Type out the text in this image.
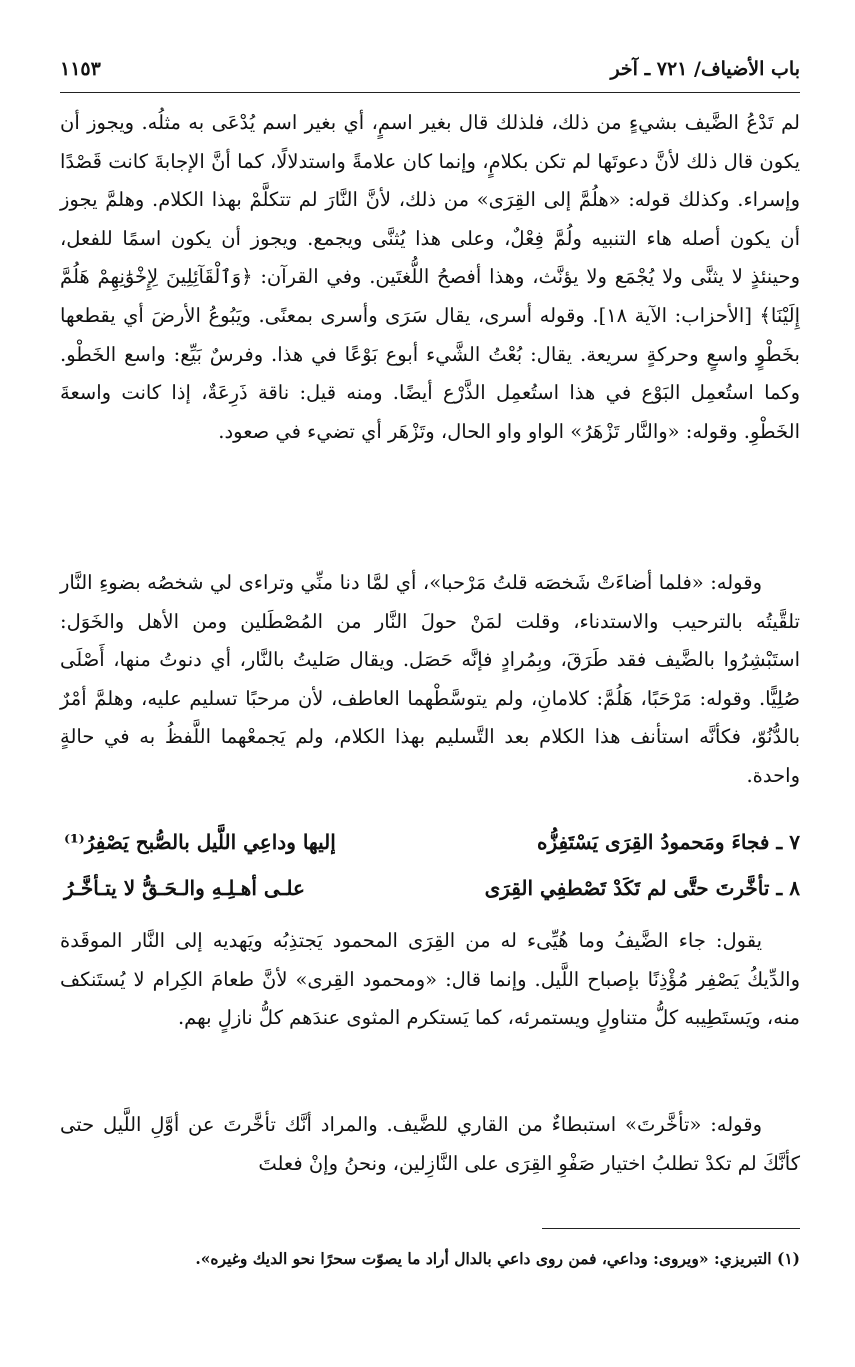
باب الأضياف/ ٧٢١ ـ آخر
١١٥٣

لم تَدْعُ الضَّيف بشيءٍ من ذلك، فلذلك قال بغير اسمٍ، أي بغير اسم يُدْعَى به مثلُه. ويجوز أن يكون قال ذلك لأنَّ دعوتَها لم تكن بكلامٍ، وإنما كان علامةً واستدلالًا، كما أنَّ الإجابةَ كانت قَصْدًا وإسراء. وكذلك قوله: «هلُمَّ إلى القِرَى» من ذلك، لأنَّ النَّارَ لم تتكلَّمْ بهذا الكلام. وهلمَّ يجوز أن يكون أصله هاء التنبيه ولُمَّ فِعْلٌ، وعلى هذا يُثنَّى ويجمع. ويجوز أن يكون اسمًا للفعل، وحينئذٍ لا يثنَّى ولا يُجْمَع ولا يؤنَّث، وهذا أفصحُ اللُّغتَين. وفي القرآن: ﴿وَٱلْقَآئِلِينَ لِإِخْوَٰنِهِمْ هَلُمَّ إِلَيْنَا﴾ [الأحزاب: الآية ١٨]. وقوله أسرى، يقال سَرَى وأسرى بمعنًى. ويَبُوعُ الأرضَ أي يقطعها بخَطْوٍ واسعٍ وحركةٍ سريعة. يقال: بُعْتُ الشَّيء أبوع بَوْعًا في هذا. وفرسٌ بَيِّع: واسع الخَطْو. وكما استُعمِل البَوْع في هذا استُعمِل الذَّرْع أيضًا. ومنه قيل: ناقة ذَرِعَةٌ، إذا كانت واسعةَ الخَطْوِ. وقوله: «والنَّار تَزْهَرُ» الواو واو الحال، وتَزْهَر أي تضيء في صعود.

وقوله: «فلما أضاءَتْ شَخصَه قلتُ مَرْحبا»، أي لمَّا دنا منِّي وتراءى لي شخصُه بضوءِ النَّار تلقَّيتُه بالترحيب والاستدناء، وقلت لمَنْ حولَ النَّار من المُصْطَلين ومن الأهل والخَوَل: استَبْشِرُوا بالضَّيف فقد طَرَقَ، وبِمُرادٍ فإنَّه حَصَل. ويقال صَليتُ بالنَّار، أي دنوتُ منها، أَصْلَى صُلِيًّا. وقوله: مَرْحَبًا، هَلُمَّ: كلامانِ، ولم يتوسَّطْهما العاطف، لأن مرحبًا تسليم عليه، وهلمَّ أمْرٌ بالدُّنُوّ، فكأنَّه استأنف هذا الكلام بعد التَّسليم بهذا الكلام، ولم يَجمعْهما اللَّفظُ به في حالةٍ واحدة.

٧ ـ فجاءَ ومَحمودُ القِرَى يَسْتَفِزُّه
إليها وداعِي اللَّيل بالصُّبح يَصْفِرُ⁽¹⁾
٨ ـ تأخَّرتَ حتَّى لم تَكَدْ تَصْطفِي القِرَى
علـى أهـلِـهِ والـحَـقُّ لا يتـأخَّـرُ

يقول: جاء الضَّيفُ وما هُيِّىء له من القِرَى المحمود يَجتذِبُه ويَهديه إلى النَّار الموقَدة والدِّيكُ يَصْفِر مُؤْذِنًا بإصباح اللَّيل. وإنما قال: «ومحمود القِرى» لأنَّ طعامَ الكِرام لا يُستَنكف منه، ويَستَطِيبه كلُّ متناولٍ ويستمرئه، كما يَستكرم المثوى عندَهم كلُّ نازلٍ بهم.

وقوله: «تأخَّرتَ» استبطاءٌ من القاري للضَّيف. والمراد أنَّك تأخَّرتَ عن أوَّلِ اللَّيل حتى كأنَّكَ لم تكدْ تطلبُ اختيار صَفْوِ القِرَى على النَّازِلين، ونحنُ وإنْ فعلتَ

(١) التبريزي: «ويروى: وداعي، فمن روى داعي بالدال أراد ما يصوّت سحرًا نحو الديك وغيره».
